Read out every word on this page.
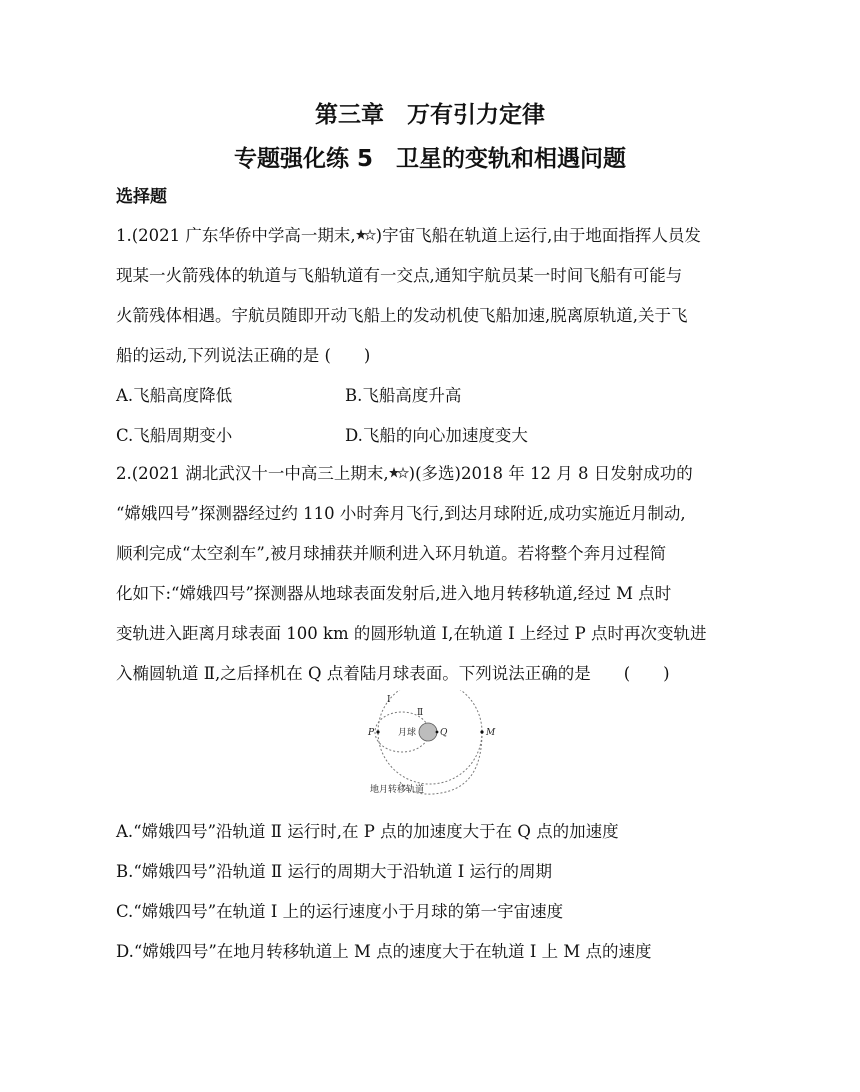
第三章　万有引力定律
专题强化练 5　卫星的变轨和相遇问题
选择题
1.(2021 广东华侨中学高一期末, )宇宙飞船在轨道上运行,由于地面指挥人员发
现某一火箭残体的轨道与飞船轨道有一交点,通知宇航员某一时间飞船有可能与
火箭残体相遇。宇航员随即开动飞船上的发动机使飞船加速,脱离原轨道,关于飞
船的运动,下列说法正确的是 (　　)
A.飞船高度降低	B.飞船高度升高
C.飞船周期变小	D.飞船的向心加速度变大
2.(2021 湖北武汉十一中高三上期末, )(多选)2018 年 12 月 8 日发射成功的
“嫦娥四号”探测器经过约 110 小时奔月飞行,到达月球附近,成功实施近月制动,
顺利完成“太空刹车”,被月球捕获并顺利进入环月轨道。若将整个奔月过程简
化如下:“嫦娥四号”探测器从地球表面发射后,进入地月转移轨道,经过 M 点时
变轨进入距离月球表面 100 km 的圆形轨道 Ⅰ,在轨道 Ⅰ 上经过 P 点时再次变轨进
入椭圆轨道 Ⅱ,之后择机在 Q 点着陆月球表面。下列说法正确的是　　(　　)
Ⅰ
Ⅱ
P	月球	Q	M
地月转移轨道
A.“嫦娥四号”沿轨道 Ⅱ 运行时,在 P 点的加速度大于在 Q 点的加速度
B.“嫦娥四号”沿轨道 Ⅱ 运行的周期大于沿轨道 Ⅰ 运行的周期
C.“嫦娥四号”在轨道 Ⅰ 上的运行速度小于月球的第一宇宙速度
D.“嫦娥四号”在地月转移轨道上 M 点的速度大于在轨道 Ⅰ 上 M 点的速度
